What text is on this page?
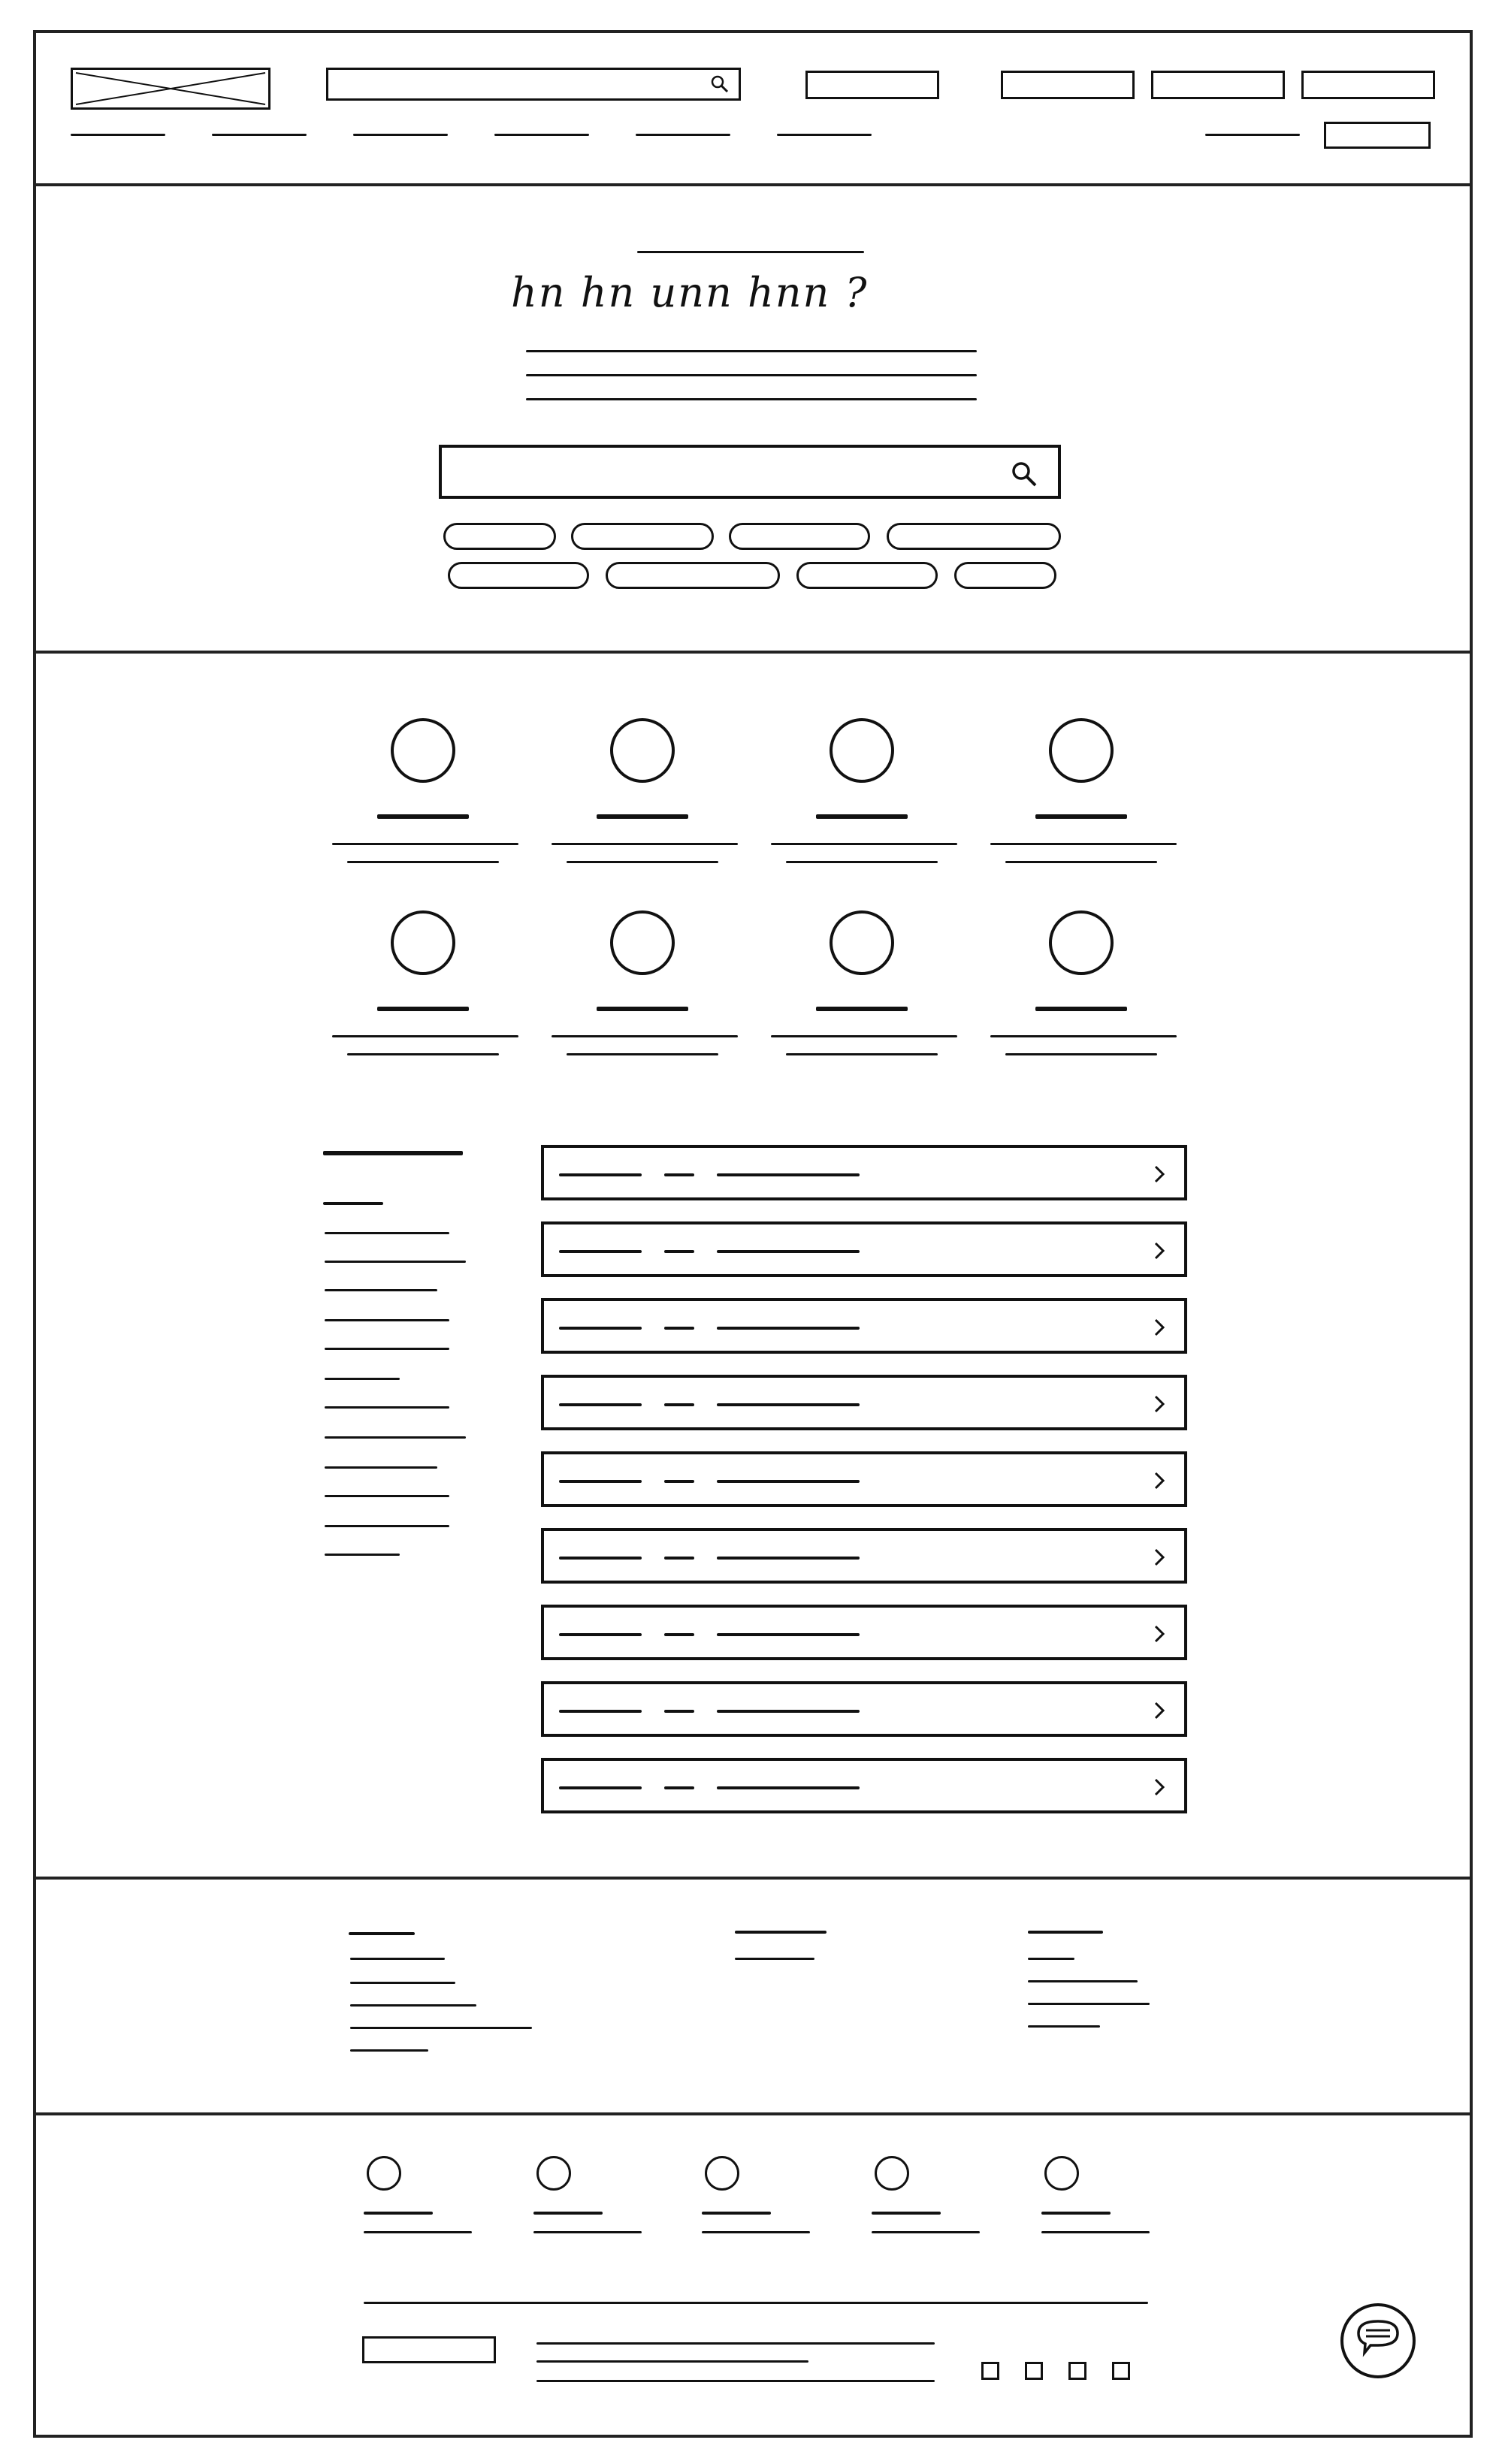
hn hn unn hnn ?
